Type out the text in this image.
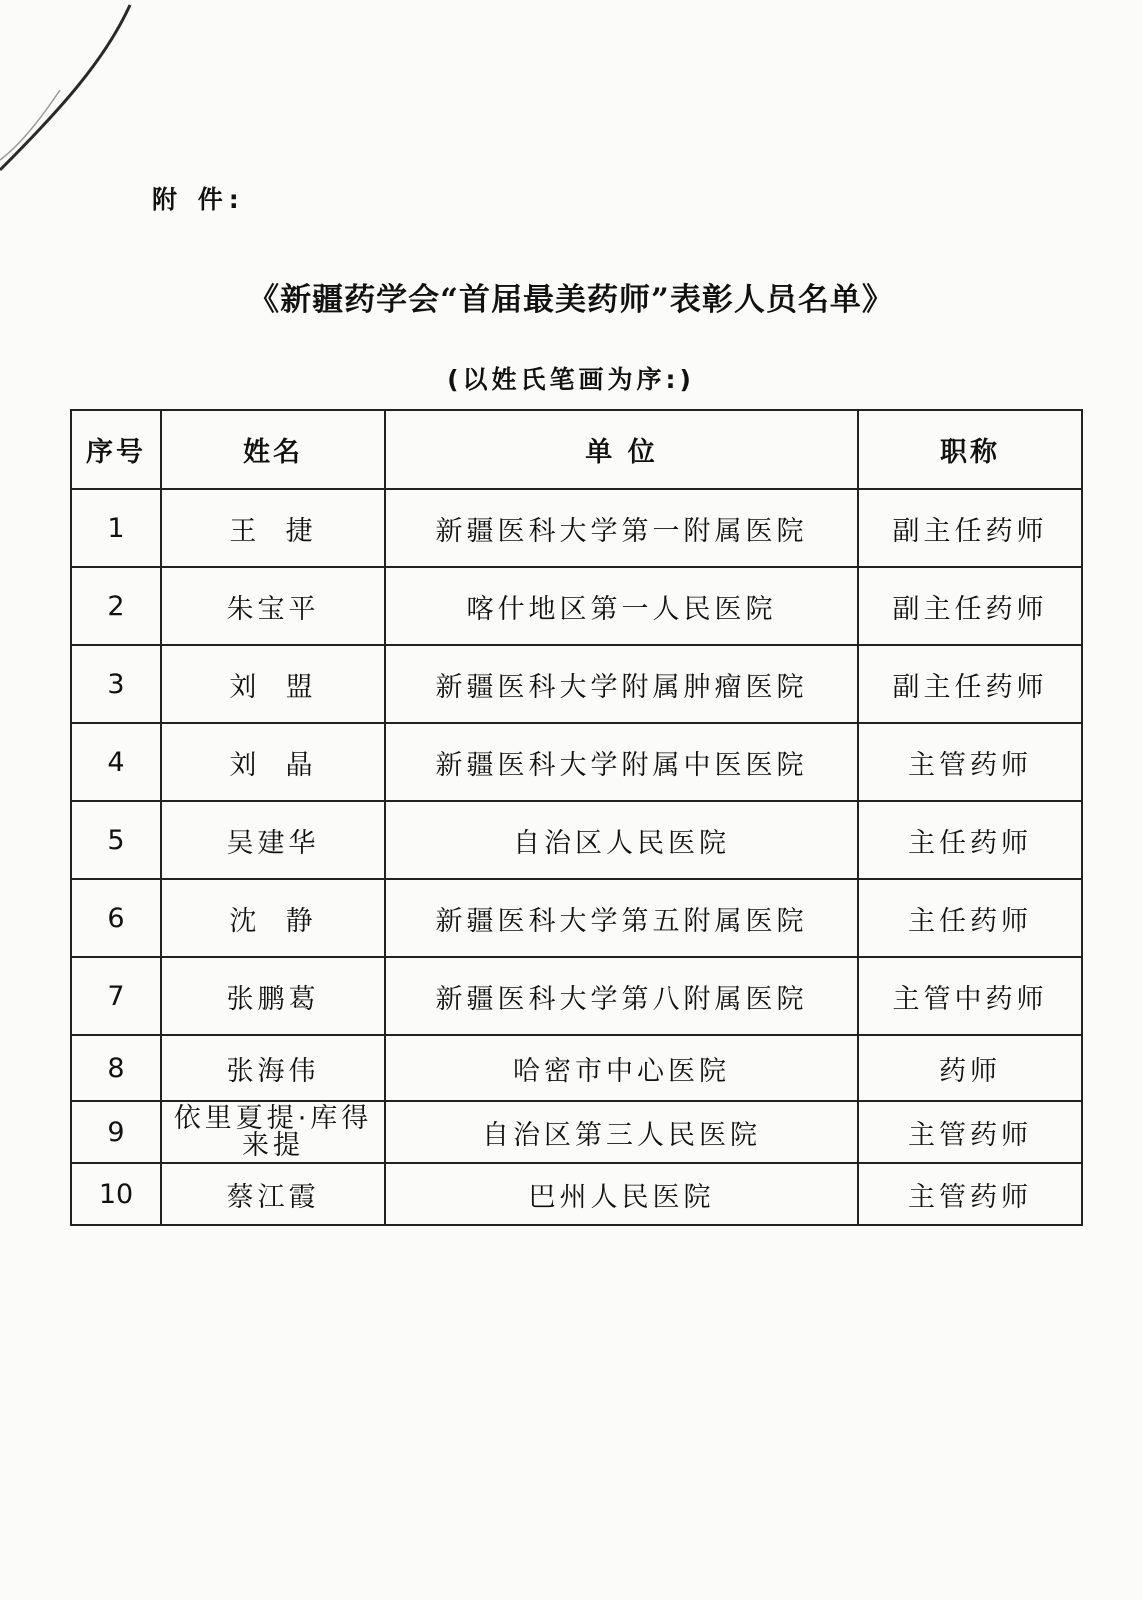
附 件:
《新疆药学会“首届最美药师”表彰人员名单》
(以姓氏笔画为序:)
序号	姓名	单 位	职称
1	王  捷	新疆医科大学第一附属医院	副主任药师
2	朱宝平	喀什地区第一人民医院	副主任药师
3	刘  盟	新疆医科大学附属肿瘤医院	副主任药师
4	刘  晶	新疆医科大学附属中医医院	主管药师
5	吴建华	自治区人民医院	主任药师
6	沈  静	新疆医科大学第五附属医院	主任药师
7	张鹏葛	新疆医科大学第八附属医院	主管中药师
8	张海伟	哈密市中心医院	药师
9	依里夏提·库得来提	自治区第三人民医院	主管药师
10	蔡江霞	巴州人民医院	主管药师
